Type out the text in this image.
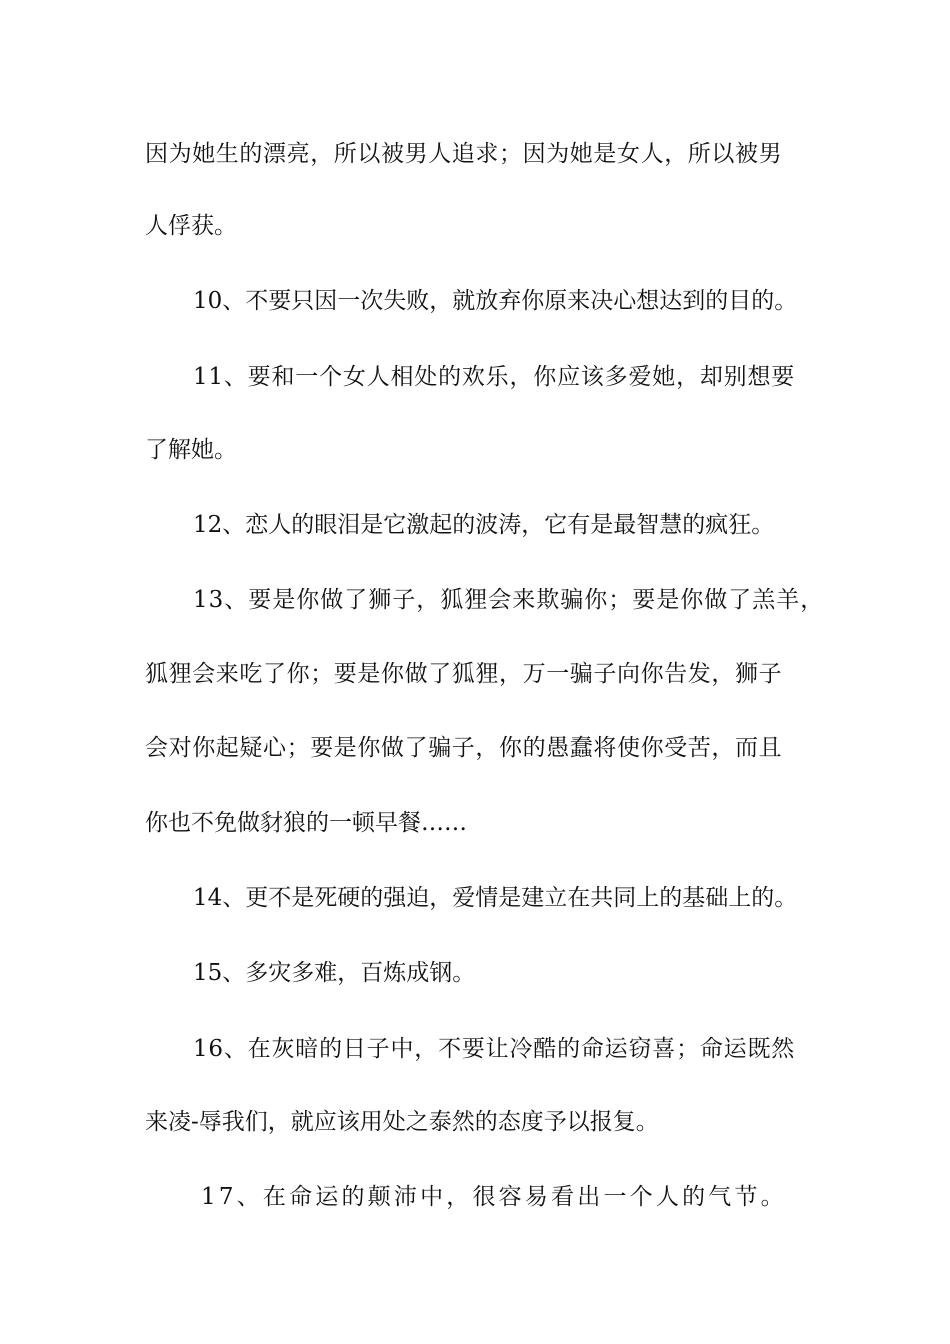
因为她生的漂亮，所以被男人追求；因为她是女人，所以被男
人俘获。
10、不要只因一次失败，就放弃你原来决心想达到的目的。
11、要和一个女人相处的欢乐，你应该多爱她，却别想要
了解她。
12、恋人的眼泪是它激起的波涛，它有是最智慧的疯狂。
13、要是你做了狮子，狐狸会来欺骗你；要是你做了羔羊，
狐狸会来吃了你；要是你做了狐狸，万一骗子向你告发，狮子
会对你起疑心；要是你做了骗子，你的愚蠢将使你受苦，而且
你也不免做豺狼的一顿早餐……
14、更不是死硬的强迫，爱情是建立在共同上的基础上的。
15、多灾多难，百炼成钢。
16、在灰暗的日子中，不要让冷酷的命运窃喜；命运既然
来凌-辱我们，就应该用处之泰然的态度予以报复。
17、在命运的颠沛中，很容易看出一个人的气节。
